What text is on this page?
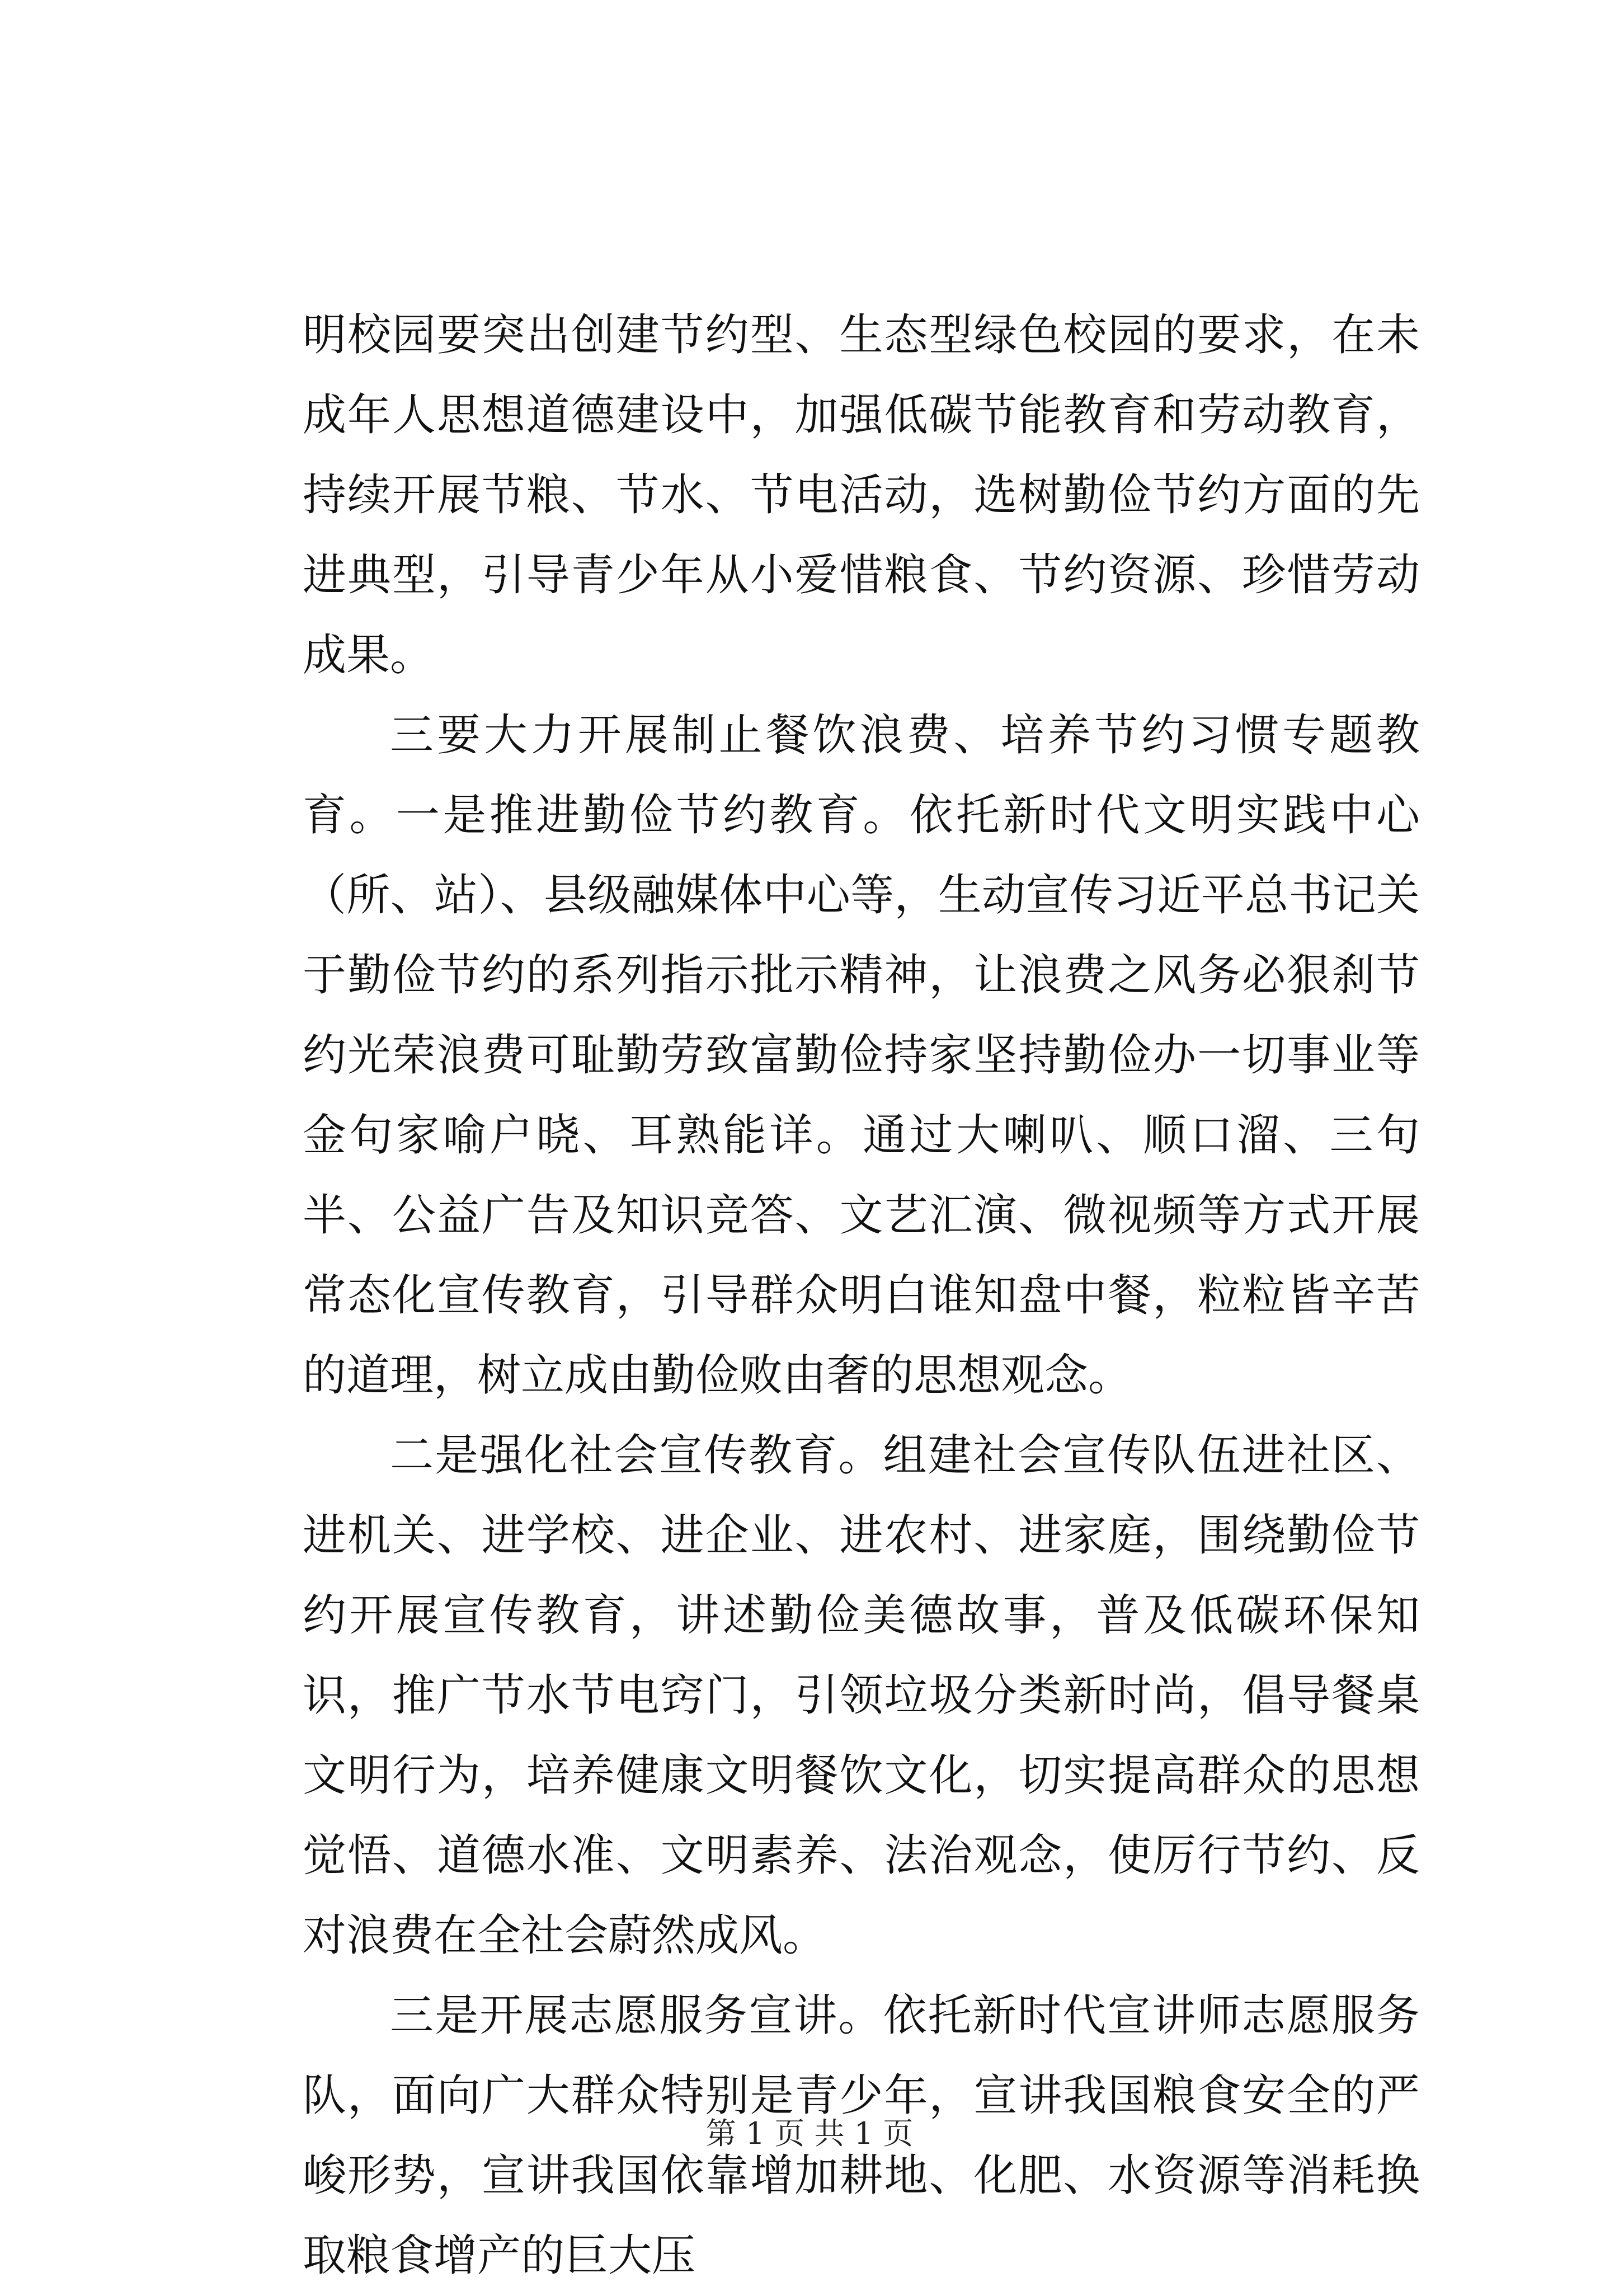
明校园要突出创建节约型、生态型绿色校园的要求，在未成年人思想道德建设中，加强低碳节能教育和劳动教育，持续开展节粮、节水、节电活动，选树勤俭节约方面的先进典型，引导青少年从小爱惜粮食、节约资源、珍惜劳动成果。

三要大力开展制止餐饮浪费、培养节约习惯专题教育。一是推进勤俭节约教育。依托新时代文明实践中心（所、站）、县级融媒体中心等，生动宣传习近平总书记关于勤俭节约的系列指示批示精神，让浪费之风务必狠刹节约光荣浪费可耻勤劳致富勤俭持家坚持勤俭办一切事业等金句家喻户晓、耳熟能详。通过大喇叭、顺口溜、三句半、公益广告及知识竞答、文艺汇演、微视频等方式开展常态化宣传教育，引导群众明白谁知盘中餐，粒粒皆辛苦的道理，树立成由勤俭败由奢的思想观念。

二是强化社会宣传教育。组建社会宣传队伍进社区、进机关、进学校、进企业、进农村、进家庭，围绕勤俭节约开展宣传教育，讲述勤俭美德故事，普及低碳环保知识，推广节水节电窍门，引领垃圾分类新时尚，倡导餐桌文明行为，培养健康文明餐饮文化，切实提高群众的思想觉悟、道德水准、文明素养、法治观念，使厉行节约、反对浪费在全社会蔚然成风。

三是开展志愿服务宣讲。依托新时代宣讲师志愿服务队，面向广大群众特别是青少年，宣讲我国粮食安全的严峻形势，宣讲我国依靠增加耕地、化肥、水资源等消耗换取粮食增产的巨大压

第 1 页 共 1 页
